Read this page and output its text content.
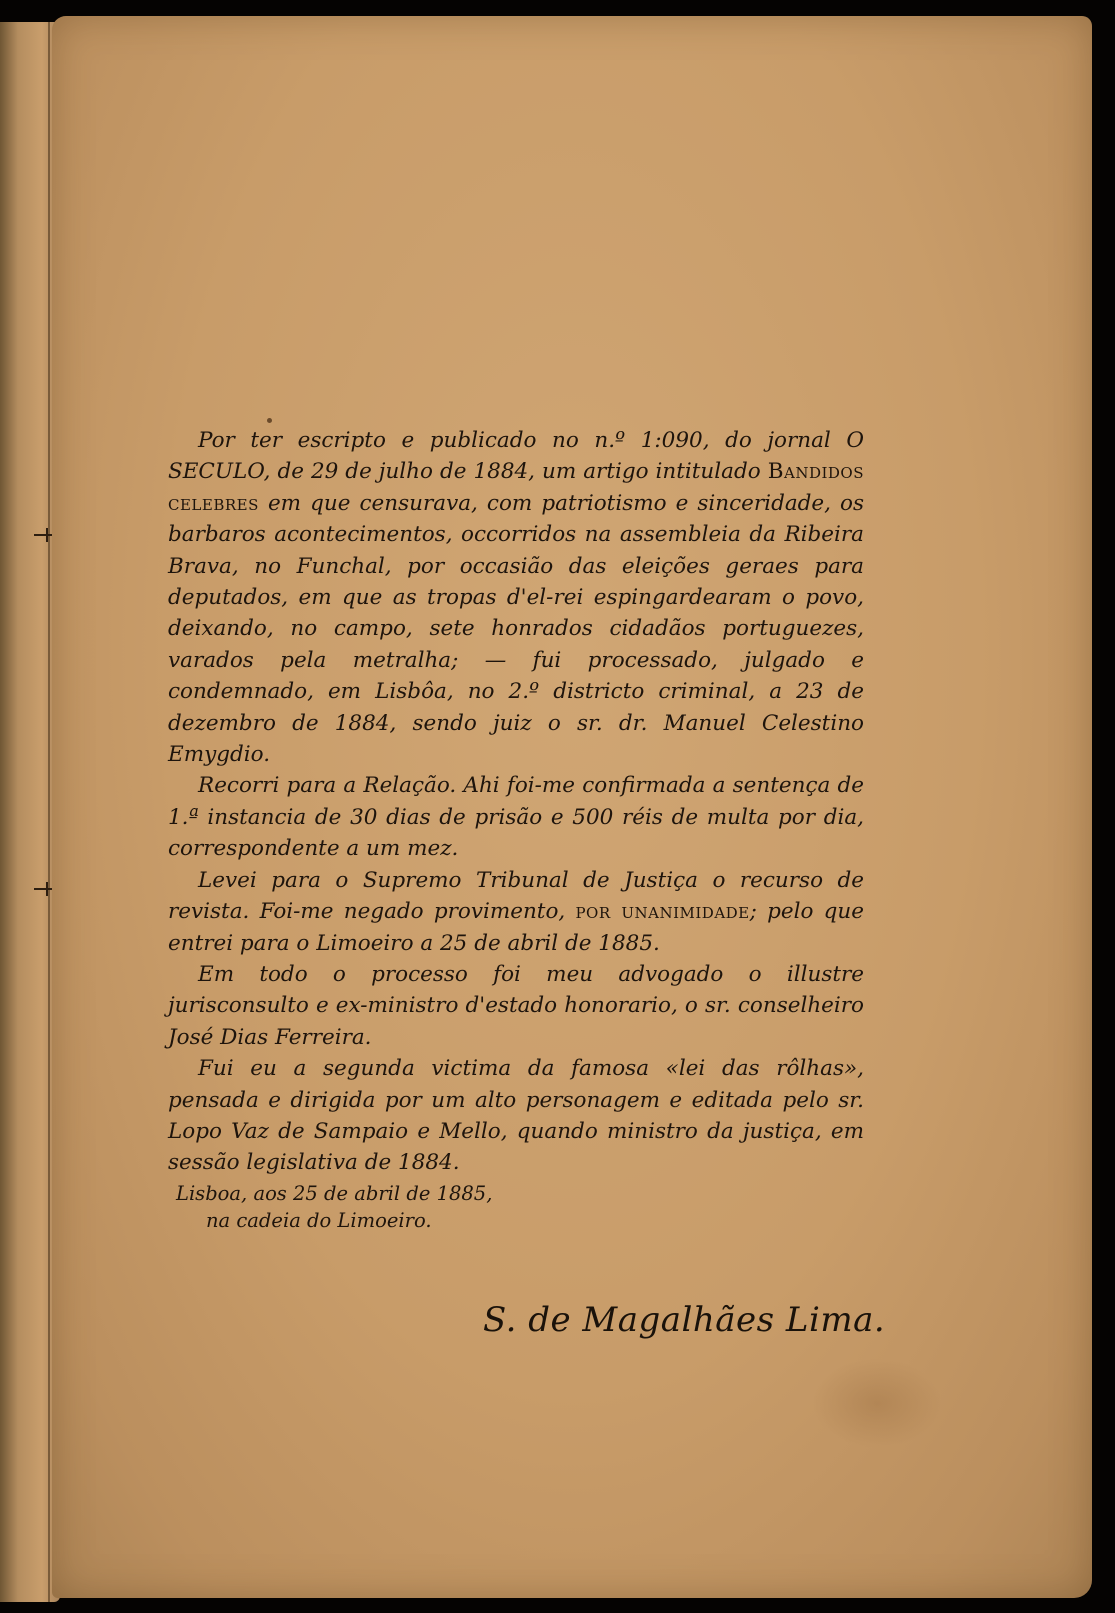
Por ter escripto e publicado no n.º 1:090, do jornal O SECULO, de 29 de julho de 1884, um artigo intitulado Bandidos celebres em que censurava, com patriotismo e sinceridade, os barbaros acontecimentos, occorridos na assembleia da Ribeira Brava, no Funchal, por occasião das eleições geraes para deputados, em que as tropas d'el-rei espingardearam o povo, deixando, no campo, sete honrados cidadãos portuguezes, varados pela metralha; — fui processado, julgado e condemnado, em Lisbôa, no 2.º districto criminal, a 23 de dezembro de 1884, sendo juiz o sr. dr. Manuel Celestino Emygdio.

Recorri para a Relação. Ahi foi-me confirmada a sentença de 1.ª instancia de 30 dias de prisão e 500 réis de multa por dia, correspondente a um mez.

Levei para o Supremo Tribunal de Justiça o recurso de revista. Foi-me negado provimento, por unanimidade; pelo que entrei para o Limoeiro a 25 de abril de 1885.

Em todo o processo foi meu advogado o illustre jurisconsulto e ex-ministro d'estado honorario, o sr. conselheiro José Dias Ferreira.

Fui eu a segunda victima da famosa «lei das rôlhas», pensada e dirigida por um alto personagem e editada pelo sr. Lopo Vaz de Sampaio e Mello, quando ministro da justiça, em sessão legislativa de 1884.

Lisboa, aos 25 de abril de 1885,
na cadeia do Limoeiro.
S. de Magalhães Lima.
